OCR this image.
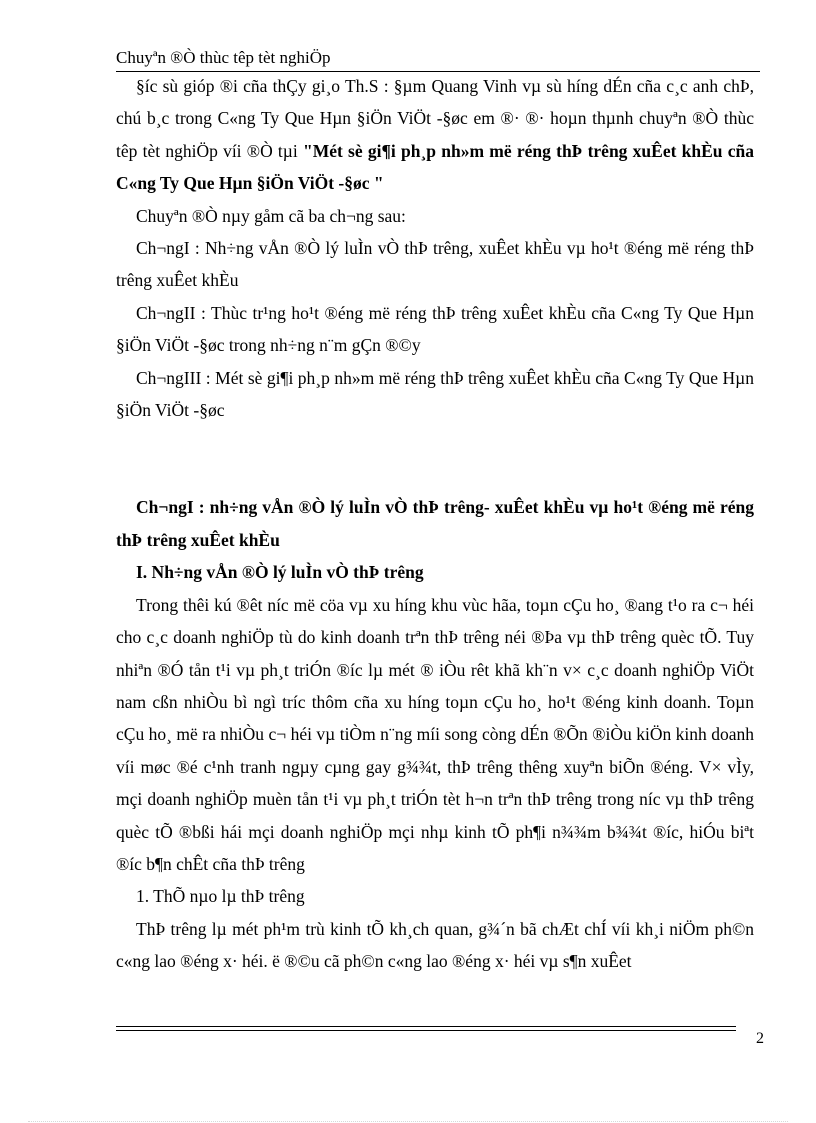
Chuyªn ®Ò thùc têp tèt nghiÖp

§íc sù gióp ®i cña thÇy gi¸o Th.S : §µm Quang Vinh vµ sù híng dÉn cña c¸c anh chÞ, chú b¸c trong C«ng Ty Que Hµn §iÖn ViÖt -§øc em ®· ®· hoµn thµnh chuyªn ®Ò thùc têp tèt nghiÖp víi ®Ò tµi "Mét sè gi¶i ph¸p nh»m më réng thÞ trêng xuÊet khÈu cña C«ng Ty Que Hµn §iÖn ViÖt -§øc "

Chuyªn ®Ò nµy gåm cã ba ch¬ng sau:

Ch¬ngI : Nh÷ng vÅn ®Ò lý luÌn vÒ thÞ trêng, xuÊet khÈu vµ ho¹t ®éng më réng thÞ trêng xuÊet khÈu

Ch¬ngII : Thùc tr¹ng ho¹t ®éng më réng thÞ trêng xuÊet khÈu cña C«ng Ty Que Hµn §iÖn ViÖt -§øc trong nh÷ng n¨m gÇn ®©y

Ch¬ngIII : Mét sè gi¶i ph¸p nh»m më réng thÞ trêng xuÊet khÈu cña C«ng Ty Que Hµn §iÖn ViÖt -§øc

Ch¬ngI : nh÷ng vÅn ®Ò lý luÌn vÒ thÞ trêng- xuÊet khÈu vµ ho¹t ®éng më réng thÞ trêng xuÊet khÈu

I. Nh÷ng vÅn ®Ò lý luÌn vÒ thÞ trêng

Trong thêi kú ®êt níc më cöa vµ xu híng khu vùc hãa, toµn cÇu ho¸ ®ang t¹o ra c¬ héi cho c¸c doanh nghiÖp tù do kinh doanh trªn thÞ trêng néi ®Þa vµ thÞ trêng quèc tÕ. Tuy nhiªn ®Ó tån t¹i vµ ph¸t triÓn ®íc lµ mét ® iÒu rêt khã kh¨n v× c¸c doanh nghiÖp ViÖt nam cßn nhiÒu bì ngì tríc thôm cña xu híng toµn cÇu ho¸ ho¹t ®éng kinh doanh. Toµn cÇu ho¸ më ra nhiÒu c¬ héi vµ tiÒm n¨ng míi song còng dÉn ®Õn ®iÒu kiÖn kinh doanh víi møc ®é c¹nh tranh ngµy cµng gay g¾¾t, thÞ trêng thêng xuyªn biÕn ®éng. V× vÌy, mçi doanh nghiÖp muèn tån t¹i vµ ph¸t triÓn tèt h¬n trªn thÞ trêng trong níc vµ thÞ trêng quèc tÕ ®bßi hái mçi doanh nghiÖp mçi nhµ kinh tÕ ph¶i n¾¾m b¾¾t ®íc, hiÓu biªt ®íc b¶n chÊt cña thÞ trêng

1. ThÕ nµo lµ thÞ trêng

ThÞ trêng lµ mét ph¹m trù kinh tÕ kh¸ch quan, g¾´n bã chÆt chÍ víi kh¸i niÖm ph©n c«ng lao ®éng x· héi. ë ®©u cã ph©n c«ng lao ®éng x· héi vµ s¶n xuÊet

2
